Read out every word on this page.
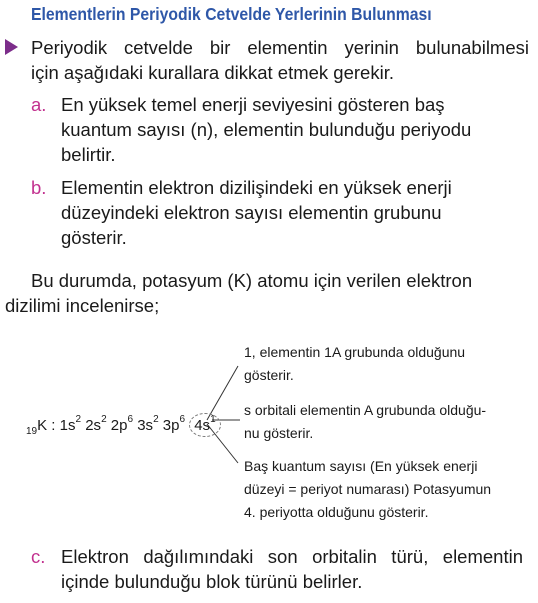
Elementlerin Periyodik Cetvelde Yerlerinin Bulunması
Periyodik cetvelde bir elementin yerinin bulunabilmesi
için aşağıdaki kurallara dikkat etmek gerekir.
a. En yüksek temel enerji seviyesini gösteren baş
kuantum sayısı (n), elementin bulunduğu periyodu
belirtir.
b. Elementin elektron dizilişindeki en yüksek enerji
düzeyindeki elektron sayısı elementin grubunu
gösterir.
Bu durumda, potasyum (K) atomu için verilen elektron
dizilimi incelenirse;
$_{19}$K : $1s^2$ $2s^2$ $2p^6$ $3s^2$ $3p^6$ $4s^1$
1, elementin 1A grubunda olduğunu
gösterir.
s orbitali elementin A grubunda olduğu-
nu gösterir.
Baş kuantum sayısı (En yüksek enerji
düzeyi = periyot numarası) Potasyumun
4. periyotta olduğunu gösterir.
c. Elektron dağılımındaki son orbitalin türü, elementin
içinde bulunduğu blok türünü belirler.
